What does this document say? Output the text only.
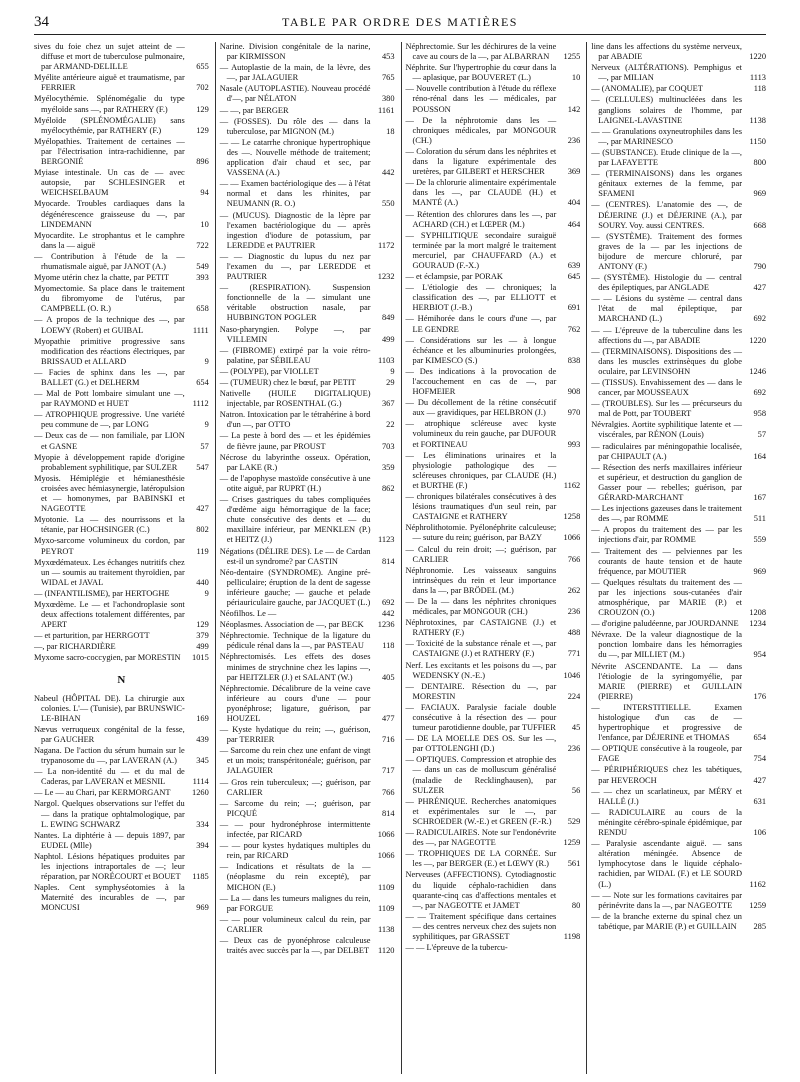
34	TABLE PAR ORDRE DES MATIÈRES
sives du foie chez un sujet atteint de — diffuse et mort de tuberculose pulmonaire, par ARMAND-DELILLE	655
Myélite antérieure aiguë et traumatisme, par FERRIER	702
Myélocythémie. Splénomégalie du type myéloïde sans —, par RATHERY (F.)	129
Myéloïde (SPLÉNOMÉGALIE) sans myélocythémie, par RATHERY (F.)	129
Myélopathies. Traitement de certaines — par l'électrisation intra-rachidienne, par BERGONIÉ	896
Myiase intestinale. Un cas de — avec autopsie, par SCHLESINGER et WEICHSELBAUM	94
Myocarde. Troubles cardiaques dans la dégénérescence graisseuse du —, par LINDEMANN	10
Myocardite. Le strophantus et le camphre dans la — aiguë	722
— Contribution à l'étude de la — rhumatismale aiguë, par JANOT (A.)	549
Myome utérin chez la chatte, par PETIT	393
Myomectomie. Sa place dans le traitement du fibromyome de l'utérus, par CAMPBELL (O. R.)	658
— A propos de la technique des —, par LOEWY (Robert) et GUIBAL	1111
Myopathie primitive progressive sans modification des réactions électriques, par BRISSAUD et ALLARD	9
— Facies de sphinx dans les —, par BALLET (G.) et DELHERM	654
— Mal de Pott lombaire simulant une —, par RAYMOND et HUET	1112
— ATROPHIQUE progressive. Une variété peu commune de —, par LONG	9
— Deux cas de — non familiale, par LION et GASNE	57
Myopie à développement rapide d'origine probablement syphilitique, par SULZER	547
Myosis. Hémiplégie et hémianesthésie croisées avec hémiasynergie, latéropulsion et — homonymes, par BABINSKI et NAGEOTTE	427
Myotonie. La — des nourrissons et la tétanie, par HOCHSINGER (C.)	802
Myxo-sarcome volumineux du cordon, par PEYROT	119
Myxœdémateux. Les échanges nutritifs chez un — soumis au traitement thyroïdien, par WIDAL et JAVAL	440
— (INFANTILISME), par HERTOGHE	9
Myxœdème. Le — et l'achondroplasie sont deux affections totalement différentes, par APERT	129
— et parturition, par HERRGOTT	379
—, par RICHARDIÈRE	499
Myxome sacro-coccygien, par MORESTIN	1015
N
Nabeul (HÔPITAL DE). La chirurgie aux colonies. L'— (Tunisie), par BRUNSWIC-LE-BIHAN	169
Nævus verruqueux congénital de la fesse, par GAUCHER	439
Nagana. De l'action du sérum humain sur le trypanosome du —, par LAVERAN (A.)	345
— La non-identité du — et du mal de Caderas, par LAVERAN et MESNIL	1114
— Le — au Chari, par KERMORGANT	1260
Nargol. Quelques observations sur l'effet du — dans la pratique ophtalmologique, par L. EWING SCHWARZ	334
Nantes. La diphtérie à — depuis 1897, par EUDEL (Mlle)	394
Naphtol. Lésions hépatiques produites par les injections intraportales de —; leur réparation, par NORÉCOURT et BOUET	1185
Naples. Cent symphyséotomies à la Maternité des incurables de —, par MONCUSI	969
Narine. Division congénitale de la narine, par KIRMISSON	453
— Autoplastie de la main, de la lèvre, des —, par JALAGUIER	765
Nasale (AUTOPLASTIE). Nouveau procédé d'—, par NÉLATON	380
— —, par BERGER	1161
— (FOSSES). Du rôle des — dans la tuberculose, par MIGNON (M.)	18
— — Le catarrhe chronique hypertrophique des —. Nouvelle méthode de traitement; application d'air chaud et sec, par VASSENA (A.)	442
— — Examen bactériologique des — à l'état normal et dans les rhinites, par NEUMANN (R. O.)	550
— (MUCUS). Diagnostic de la lèpre par l'examen bactériologique du — après ingestion d'iodure de potassium, par LEREDDE et PAUTRIER	1172
— — Diagnostic du lupus du nez par l'examen du —, par LEREDDE et PAUTRIER	1232
— (RESPIRATION). Suspension fonctionnelle de la — simulant une véritable obstruction nasale, par HUBBINGTON POGLER	849
Naso-pharyngien. Polype —, par VILLEMIN	499
— (FIBROME) extirpé par la voie rétro-palatine, par SÉBILEAU	1103
— (POLYPE), par VIOLLET	9
— (TUMEUR) chez le bœuf, par PETIT	29
Nativelle (HUILE DIGITALIQUE) injectable, par ROSENTHAL (G.)	367
Natron. Intoxication par le tétrahérine à bord d'un —, par OTTO	22
— La peste à bord des — et les épidémies de fièvre jaune, par PROUST	703
Nécrose du labyrinthe osseux. Opération, par LAKE (R.)	359
— de l'apophyse mastoïde consécutive à une otite aiguë, par RUPRT (H.)	862
— Crises gastriques du tabes compliquées d'œdème aigu hémorragique de la face; chute consécutive des dents et — du maxillaire inférieur, par MENKLEN (P.) et HEITZ (J.)	1123
Négations (DÉLIRE DES). Le — de Cardan est-il un syndrome? par CASTIN	814
Néo-dentaire (SYNDROME). Angine pré-pelliculaire; éruption de la dent de sagesse inférieure gauche; — gauche et pelade périauriculaire gauche, par JACQUET (L.)	692
Néofilhos. Le —	442
Néoplasmes. Association de —, par BECK	1236
Néphrectomie. Technique de la ligature du pédicule rénal dans la —, par PASTEAU	118
Néphrectomisés. Les effets des doses minimes de strychnine chez les lapins —, par HEITZLER (J.) et SALANT (W.)	405
Néphrectomie. Décalibrure de la veine cave inférieure au cours d'une — pour pyonéphrose; ligature, guérison, par HOUZEL	477
— Kyste hydatique du rein; —, guérison, par TERRIER	716
— Sarcome du rein chez une enfant de vingt et un mois; transpéritonéale; guérison, par JALAGUIER	717
— Gros rein tuberculeux; —; guérison, par CARLIER	766
— Sarcome du rein; —; guérison, par PICQUÉ	814
— — pour hydronéphrose intermittente infectée, par RICARD	1066
— — pour kystes hydatiques multiples du rein, par RICARD	1066
— Indications et résultats de la — (néoplasme du rein excepté), par MICHON (E.)	1109
— La — dans les tumeurs malignes du rein, par FORGUE	1109
— — pour volumineux calcul du rein, par CARLIER	1138
— Deux cas de pyonéphrose calculeuse traités avec succès par la —, par DELBET	1120
Néphrectomie. Sur les déchirures de la veine cave au cours de la —, par ALBARRAN	1255
Néphrite. Sur l'hypertrophie du cœur dans la — aplasique, par BOUVERET (L.)	10
— Nouvelle contribution à l'étude du réflexe réno-rénal dans les — médicales, par POUSSON	142
— De la néphrotomie dans les — chroniques médicales, par MONGOUR (CH.)	236
— Coloration du sérum dans les néphrites et dans la ligature expérimentale des uretères, par GILBERT et HERSCHER	369
— De la chlorurie alimentaire expérimentale dans les —, par CLAUDE (H.) et MANTÉ (A.)	404
— Rétention des chlorures dans les —, par ACHARD (CH.) et LŒPER (M.)	464
— SYPHILITIQUE secondaire suraiguë terminée par la mort malgré le traitement mercuriel, par CHAUFFARD (A.) et GOURAUD (F.-X.)	639
— et éclampsie, par PORAK	645
— L'étiologie des — chroniques; la classification des —, par ELLIOTT et HERBIOT (J.-B.)	691
— Hémihorée dans le cours d'une —, par LE GENDRE	762
— Considérations sur les — à longue échéance et les albuminuries prolongées, par KIMESCO (S.)	838
— Des indications à la provocation de l'accouchement en cas de —, par HOFMEIER	908
— Du décollement de la rétine consécutif aux — gravidiques, par HELBRON (J.)	970
— atrophique scléreuse avec kyste volumineux du rein gauche, par DUFOUR et FORTINEAU	993
— Les éliminations urinaires et la physiologie pathologique des — scléreuses chroniques, par CLAUDE (H.) et BURTHE (F.)	1162
— chroniques bilatérales consécutives à des lésions traumatiques d'un seul rein, par CASTAIGNE et RATHERY	1258
Néphrolithotomie. Pyélonéphrite calculeuse; — suture du rein; guérison, par BAZY	1066
— Calcul du rein droit; —; guérison, par CARLIER	766
Néphronomie. Les vaisseaux sanguins intrinsèques du rein et leur importance dans la —, par BRÖDEL (M.)	262
— De la — dans les néphrites chroniques médicales, par MONGOUR (CH.)	236
Néphrotoxines, par CASTAIGNE (J.) et RATHERY (F.)	488
— Toxicité de la substance rénale et —, par CASTAIGNE (J.) et RATHERY (F.)	771
Nerf. Les excitants et les poisons du —, par WEDENSKY (N.-E.)	1046
— DENTAIRE. Résection du —, par MORESTIN	224
— FACIAUX. Paralysie faciale double consécutive à la résection des — pour tumeur parotidienne double, par TUFFIER	45
— DE LA MOELLE DES OS. Sur les —, par OTTOLENGHI (D.)	236
— OPTIQUES. Compression et atrophie des — dans un cas de molluscum généralisé (maladie de Recklinghausen), par SULZER	56
— PHRÉNIQUE. Recherches anatomiques et expérimentales sur le —, par SCHROEDER (W.-E.) et GREEN (F.-R.)	529
— RADICULAIRES. Note sur l'endonévrite des —, par NAGEOTTE	1259
— TROPHIQUES DE LA CORNÉE. Sur les —, par BERGER (E.) et LŒWY (R.)	561
Nerveuses (AFFECTIONS). Cytodiagnostic du liquide céphalo-rachidien dans quarante-cinq cas d'affections mentales et —, par NAGEOTTE et JAMET	80
— — Traitement spécifique dans certaines — des centres nerveux chez des sujets non syphilitiques, par GRASSET	1198
— — L'épreuve de la tubercu-
line dans les affections du système nerveux, par ABADIE	1220
Nerveux (ALTÉRATIONS). Pemphigus et —, par MILIAN	1113
— (ANOMALIE), par COQUET	118
— (CELLULES) multinucléées dans les ganglions solaires de l'homme, par LAIGNEL-LAVASTINE	1138
— — Granulations oxyneutrophiles dans les —, par MARINESCO	1150
— (SUBSTANCE). Etude clinique de la —, par LAFAYETTE	800
— (TERMINAISONS) dans les organes génitaux externes de la femme, par SFAMENI	969
— (CENTRES). L'anatomie des —, de DÉJERINE (J.) et DÉJERINE (A.), par SOURY. Voy. aussi CENTRES.	668
— (SYSTÈME). Traitement des formes graves de la — par les injections de bijodure de mercure chloruré, par ANTONY (F.)	790
— (SYSTÈME). Histologie du — central des épileptiques, par ANGLADE	427
— — Lésions du système — central dans l'état de mal épileptique, par MARCHAND (L.)	692
— — L'épreuve de la tuberculine dans les affections du —, par ABADIE	1220
— (TERMINAISONS). Dispositions des — dans les muscles extrinsèques du globe oculaire, par LEVINSOHN	1246
— (TISSUS). Envahissement des — dans le cancer, par MOUSSEAUX	692
— (TROUBLES). Sur les — précurseurs du mal de Pott, par TOUBERT	958
Névralgies. Aortite syphilitique latente et — viscérales, par RÉNON (Louis)	57
— radiculaires par méningopathie localisée, par CHIPAULT (A.)	164
— Résection des nerfs maxillaires inférieur et supérieur, et destruction du ganglion de Gasser pour — rebelles; guérison, par GÉRARD-MARCHANT	167
— Les injections gazeuses dans le traitement des —, par ROMME	511
— A propos du traitement des — par les injections d'air, par ROMME	559
— Traitement des — pelviennes par les courants de haute tension et de haute fréquence, par MOUTIER	969
— Quelques résultats du traitement des — par les injections sous-cutanées d'air atmosphérique, par MARIE (P.) et CROUZON (O.)	1208
— d'origine paludéenne, par JOURDANNE	1234
Névraxe. De la valeur diagnostique de la ponction lombaire dans les hémorragies du —, par MILLIET (M.)	954
Névrite ASCENDANTE. La — dans l'étiologie de la syringomyélie, par MARIE (PIERRE) et GUILLAIN (PIERRE)	176
— INTERSTITIELLE. Examen histologique d'un cas de — hypertrophique et progressive de l'enfance, par DÉJERINE et THOMAS	654
— OPTIQUE consécutive à la rougeole, par FAGE	754
— PÉRIPHÉRIQUES chez les tabétiques, par HEVEROCH	427
— — chez un scarlatineux, par MÉRY et HALLÉ (J.)	631
— RADICULAIRE au cours de la méningite cérébro-spinale épidémique, par RENDU	106
— Paralysie ascendante aiguë. — sans altération méningée. Absence de lymphocytose dans le liquide céphalo-rachidien, par WIDAL (F.) et LE SOURD (L.)	1162
— — Note sur les formations cavitaires par périnévrite dans la —, par NAGEOTTE	1259
— de la branche externe du spinal chez un tabétique, par MARIE (P.) et GUILLAIN	285
